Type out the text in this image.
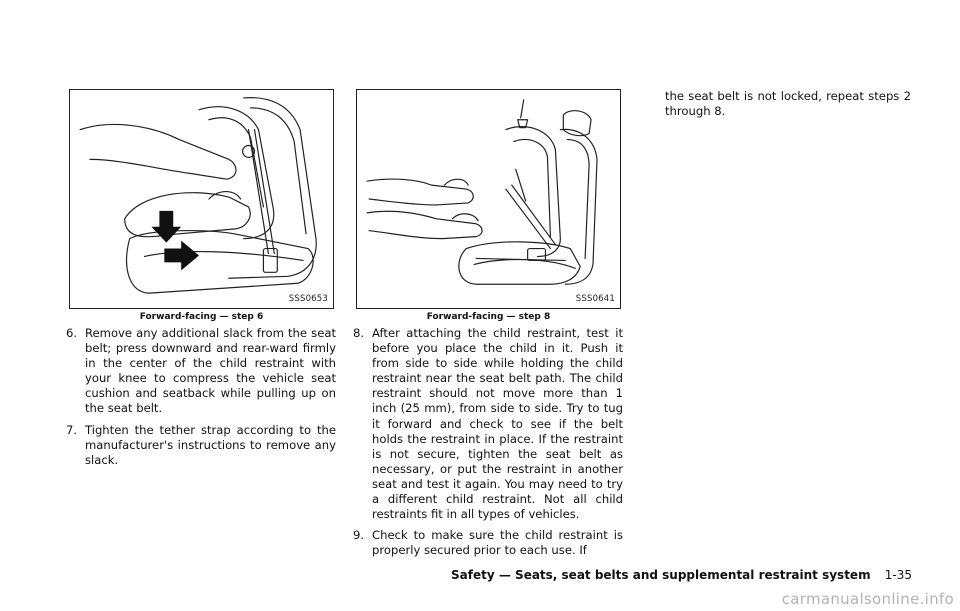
SSS0653
Forward-facing — step 6
SSS0641
Forward-facing — step 8
6. Remove any additional slack from the seat belt; press downward and rear-ward firmly in the center of the child restraint with your knee to compress the vehicle seat cushion and seatback while pulling up on the seat belt.
7. Tighten the tether strap according to the manufacturer's instructions to remove any slack.
8. After attaching the child restraint, test it before you place the child in it. Push it from side to side while holding the child restraint near the seat belt path. The child restraint should not move more than 1 inch (25 mm), from side to side. Try to tug it forward and check to see if the belt holds the restraint in place. If the restraint is not secure, tighten the seat belt as necessary, or put the restraint in another seat and test it again. You may need to try a different child restraint. Not all child restraints fit in all types of vehicles.
9. Check to make sure the child restraint is properly secured prior to each use. If
the seat belt is not locked, repeat steps 2 through 8.
Safety — Seats, seat belts and supplemental restraint system 1-35
carmanualsonline.info
